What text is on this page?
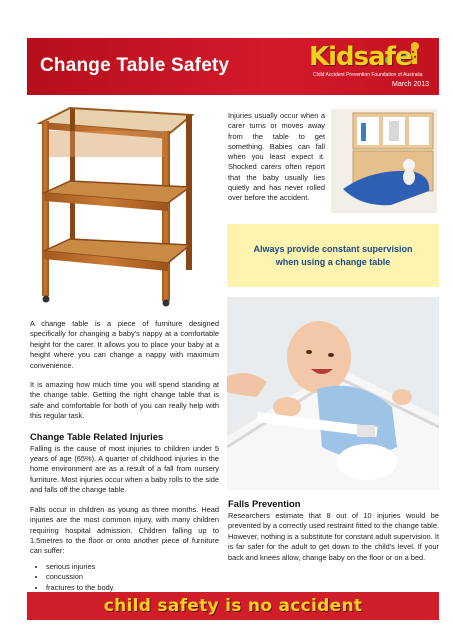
Change Table Safety	Kidsafe
Child Accident Prevention Foundation of Australia
March 2013
Injuries usually occur when a carer turns or moves away from the table to get something. Babies can fall when you least expect it. Shocked carers often report that the baby usually lies quietly and has never rolled over before the accident.
Always provide constant supervision when using a change table

A change table is a piece of furniture designed specifically for changing a baby's nappy at a comfortable height for the carer. It allows you to place your baby at a height where you can change a nappy with maximum convenience.

It is amazing how much time you will spend standing at the change table. Getting the right change table that is safe and comfortable for both of you can really help with this regular task.

Change Table Related Injuries

Falling is the cause of most injuries to children under 5 years of age (65%). A quarter of childhood injuries in the home environment are as a result of a fall from nursery furniture. Most injuries occur when a baby rolls to the side and falls off the change table.

Falls occur in children as young as three months. Head injuries are the most common injury, with many children requiring hospital admission. Children falling up to 1.5metres to the floor or onto another piece of furniture can suffer:

• serious injuries
• concussion
• fractures to the body.
Falls Prevention

Researchers estimate that 8 out of 10 injuries would be prevented by a correctly used restraint fitted to the change table. However, nothing is a substitute for constant adult supervision. It is far safer for the adult to get down to the child's level. If your back and knees allow, change baby on the floor or on a bed.

child safety is no accident
